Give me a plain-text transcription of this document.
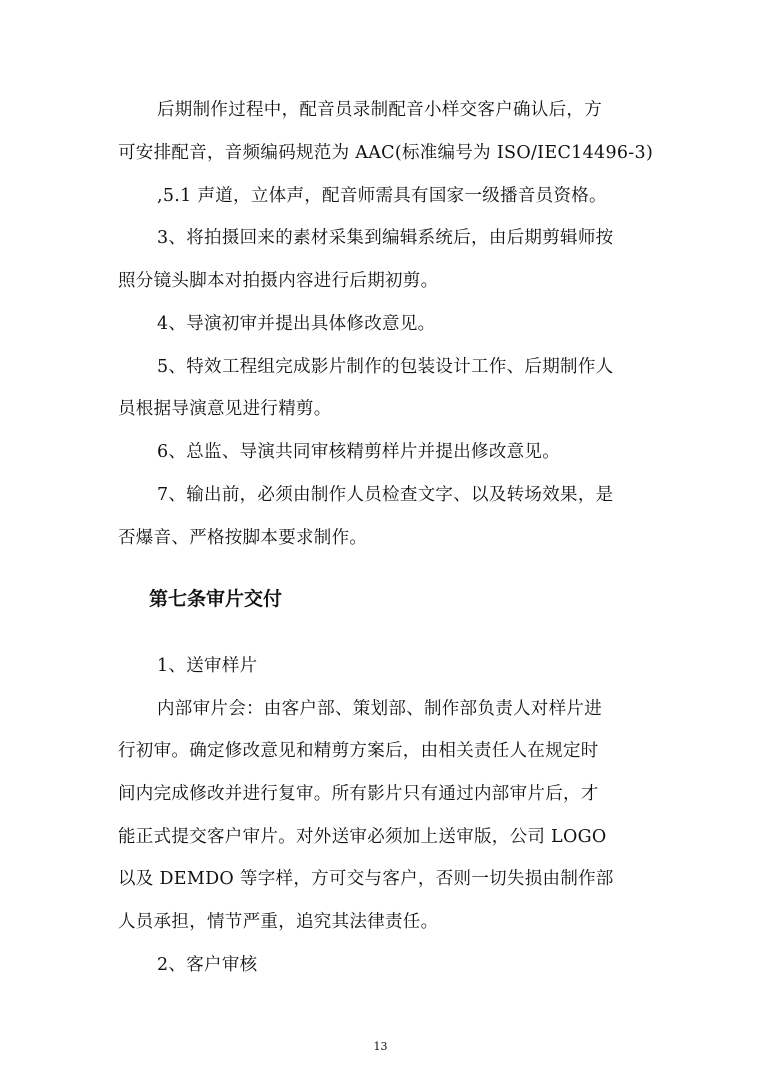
后期制作过程中，配音员录制配音小样交客户确认后，方
可安排配音，音频编码规范为 AAC(标准编号为 ISO/IEC14496-3)
,5.1 声道，立体声，配音师需具有国家一级播音员资格。
3、将拍摄回来的素材采集到编辑系统后，由后期剪辑师按
照分镜头脚本对拍摄内容进行后期初剪。
4、导演初审并提出具体修改意见。
5、特效工程组完成影片制作的包装设计工作、后期制作人
员根据导演意见进行精剪。
6、总监、导演共同审核精剪样片并提出修改意见。
7、输出前，必须由制作人员检查文字、以及转场效果，是
否爆音、严格按脚本要求制作。
第七条审片交付
1、送审样片
内部审片会：由客户部、策划部、制作部负责人对样片进
行初审。确定修改意见和精剪方案后，由相关责任人在规定时
间内完成修改并进行复审。所有影片只有通过内部审片后，才
能正式提交客户审片。对外送审必须加上送审版，公司 LOGO
以及 DEMDO 等字样，方可交与客户，否则一切失损由制作部
人员承担，情节严重，追究其法律责任。
2、客户审核
13
